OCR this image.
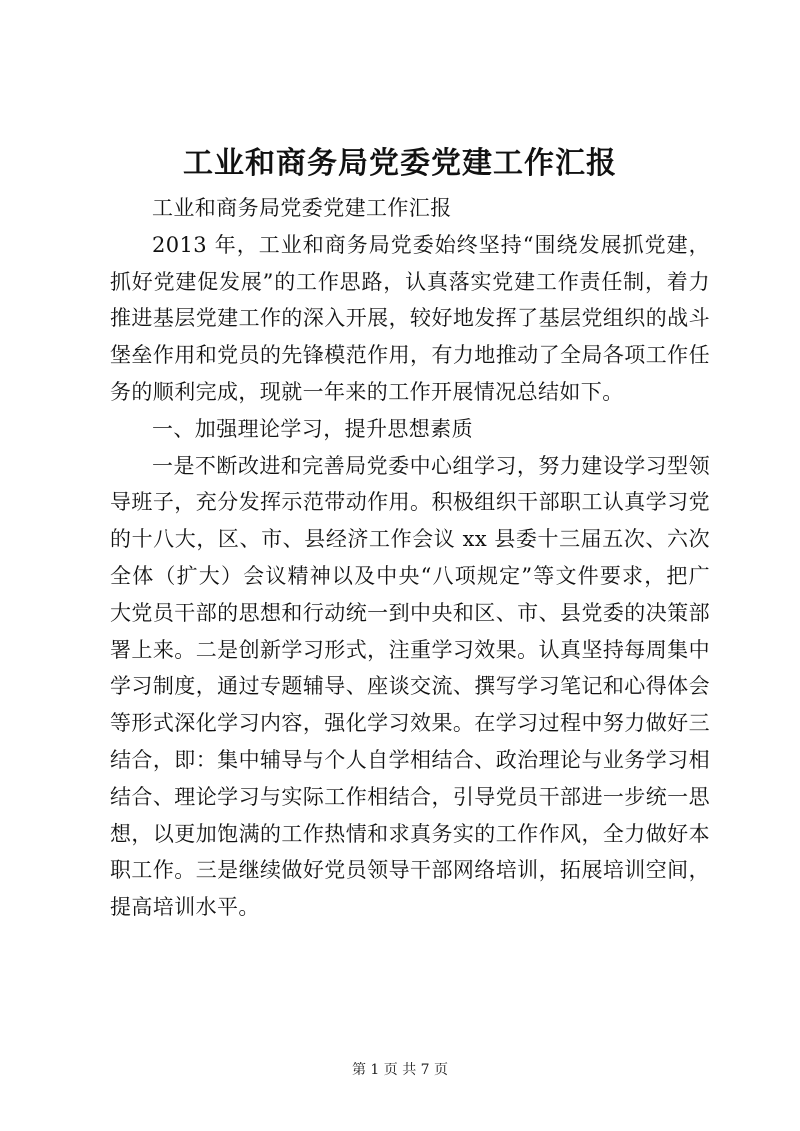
工业和商务局党委党建工作汇报

工业和商务局党委党建工作汇报

2013 年，工业和商务局党委始终坚持“围绕发展抓党建，抓好党建促发展”的工作思路，认真落实党建工作责任制，着力推进基层党建工作的深入开展，较好地发挥了基层党组织的战斗堡垒作用和党员的先锋模范作用，有力地推动了全局各项工作任务的顺利完成，现就一年来的工作开展情况总结如下。

一、加强理论学习，提升思想素质

一是不断改进和完善局党委中心组学习，努力建设学习型领导班子，充分发挥示范带动作用。积极组织干部职工认真学习党的十八大，区、市、县经济工作会议 xx 县委十三届五次、六次全体（扩大）会议精神以及中央“八项规定”等文件要求，把广大党员干部的思想和行动统一到中央和区、市、县党委的决策部署上来。二是创新学习形式，注重学习效果。认真坚持每周集中学习制度，通过专题辅导、座谈交流、撰写学习笔记和心得体会等形式深化学习内容，强化学习效果。在学习过程中努力做好三结合，即：集中辅导与个人自学相结合、政治理论与业务学习相结合、理论学习与实际工作相结合，引导党员干部进一步统一思想，以更加饱满的工作热情和求真务实的工作作风，全力做好本职工作。三是继续做好党员领导干部网络培训，拓展培训空间，提高培训水平。

第 1 页 共 7 页
